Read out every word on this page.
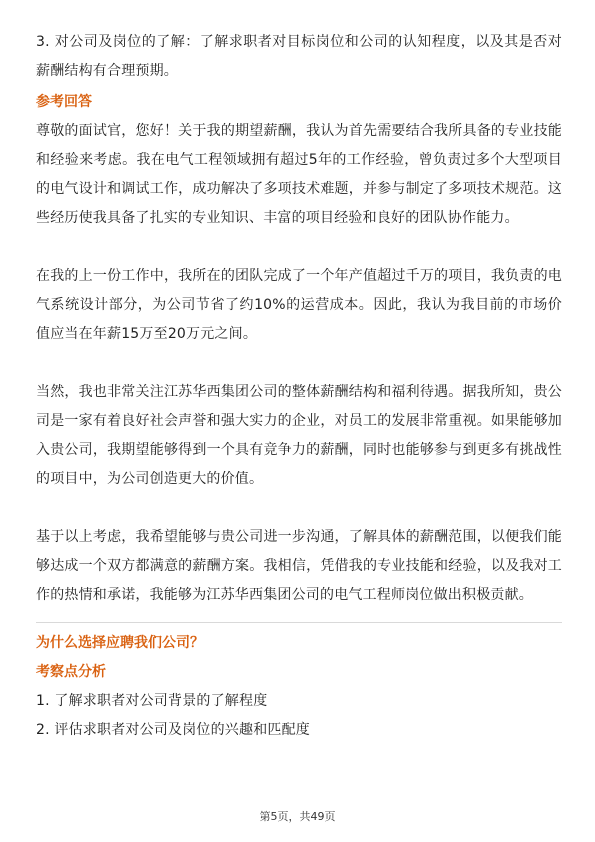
3. 对公司及岗位的了解：了解求职者对目标岗位和公司的认知程度，以及其是否对薪酬结构有合理预期。

参考回答

尊敬的面试官，您好！关于我的期望薪酬，我认为首先需要结合我所具备的专业技能和经验来考虑。我在电气工程领域拥有超过5年的工作经验，曾负责过多个大型项目的电气设计和调试工作，成功解决了多项技术难题，并参与制定了多项技术规范。这些经历使我具备了扎实的专业知识、丰富的项目经验和良好的团队协作能力。

在我的上一份工作中，我所在的团队完成了一个年产值超过千万的项目，我负责的电气系统设计部分，为公司节省了约10%的运营成本。因此，我认为我目前的市场价值应当在年薪15万至20万元之间。

当然，我也非常关注江苏华西集团公司的整体薪酬结构和福利待遇。据我所知，贵公司是一家有着良好社会声誉和强大实力的企业，对员工的发展非常重视。如果能够加入贵公司，我期望能够得到一个具有竞争力的薪酬，同时也能够参与到更多有挑战性的项目中，为公司创造更大的价值。

基于以上考虑，我希望能够与贵公司进一步沟通，了解具体的薪酬范围，以便我们能够达成一个双方都满意的薪酬方案。我相信，凭借我的专业技能和经验，以及我对工作的热情和承诺，我能够为江苏华西集团公司的电气工程师岗位做出积极贡献。

为什么选择应聘我们公司？

考察点分析

1. 了解求职者对公司背景的了解程度

2. 评估求职者对公司及岗位的兴趣和匹配度

第5页，共49页
